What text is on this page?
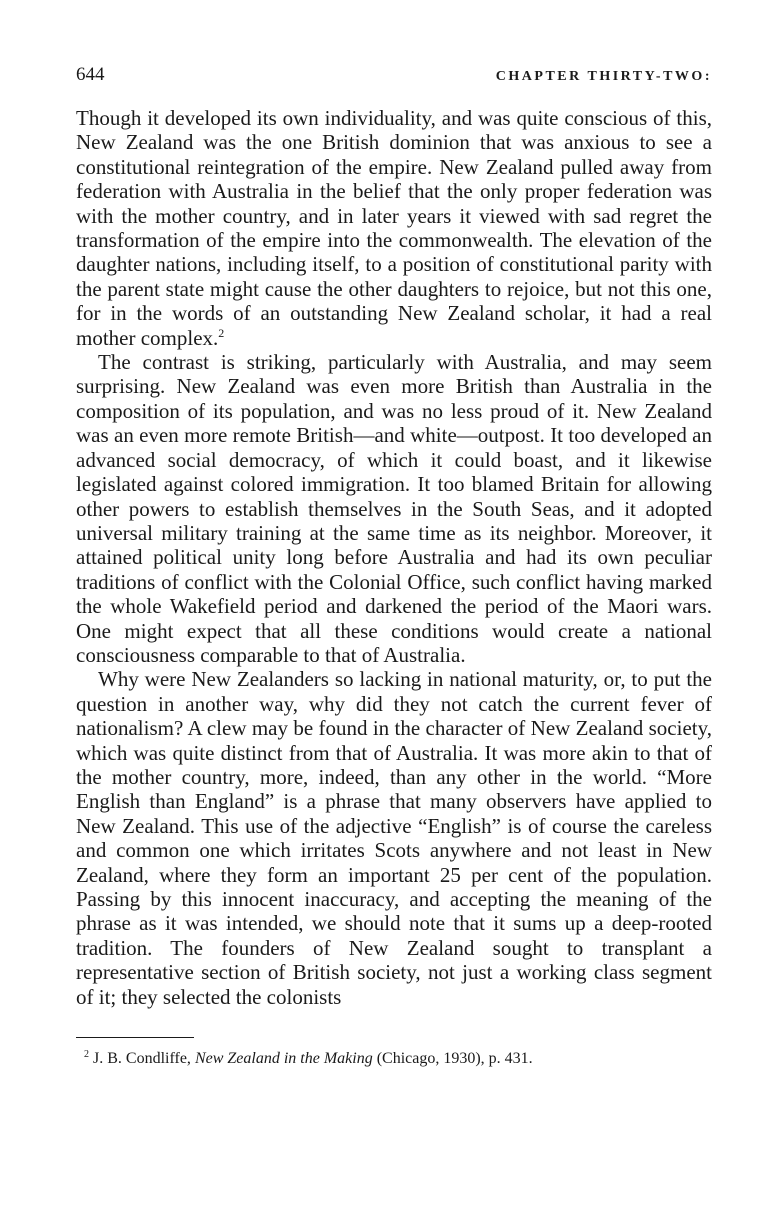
644	CHAPTER THIRTY-TWO:

Though it developed its own individuality, and was quite conscious of this, New Zealand was the one British dominion that was anxious to see a constitutional reintegration of the empire. New Zealand pulled away from federation with Australia in the belief that the only proper federation was with the mother country, and in later years it viewed with sad regret the transformation of the empire into the commonwealth. The elevation of the daughter nations, including itself, to a position of constitutional parity with the parent state might cause the other daughters to rejoice, but not this one, for in the words of an outstanding New Zealand scholar, it had a real mother complex.$^2$

The contrast is striking, particularly with Australia, and may seem surprising. New Zealand was even more British than Australia in the composition of its population, and was no less proud of it. New Zealand was an even more remote British—and white—outpost. It too developed an advanced social democracy, of which it could boast, and it likewise legislated against colored immigration. It too blamed Britain for allowing other powers to establish themselves in the South Seas, and it adopted universal military training at the same time as its neighbor. Moreover, it attained political unity long before Australia and had its own peculiar traditions of conflict with the Colonial Office, such conflict having marked the whole Wakefield period and darkened the period of the Maori wars. One might expect that all these conditions would create a national consciousness comparable to that of Australia.

Why were New Zealanders so lacking in national maturity, or, to put the question in another way, why did they not catch the current fever of nationalism? A clew may be found in the character of New Zealand society, which was quite distinct from that of Australia. It was more akin to that of the mother country, more, indeed, than any other in the world. “More English than England” is a phrase that many observers have applied to New Zealand. This use of the adjective “English” is of course the careless and common one which irritates Scots anywhere and not least in New Zealand, where they form an important 25 per cent of the population. Passing by this innocent inaccuracy, and accepting the meaning of the phrase as it was intended, we should note that it sums up a deep-rooted tradition. The founders of New Zealand sought to transplant a representative section of British society, not just a working class segment of it; they selected the colonists

$^2$ J. B. Condliffe, New Zealand in the Making (Chicago, 1930), p. 431.
